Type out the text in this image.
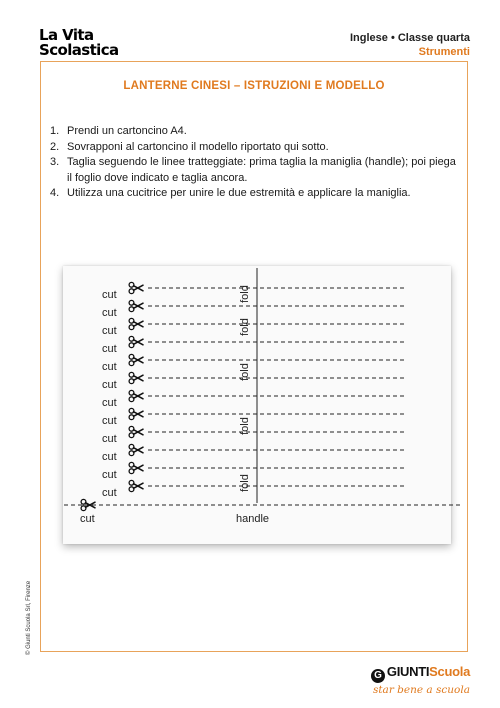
La Vita
Scolastica
Inglese • Classe quarta
Strumenti
LANTERNE CINESI – ISTRUZIONI E MODELLO
1. Prendi un cartoncino A4.
2. Sovrapponi al cartoncino il modello riportato qui sotto.
3. Taglia seguendo le linee tratteggiate: prima taglia la maniglia (handle); poi piega il foglio dove indicato e taglia ancora.
4. Utilizza una cucitrice per unire le due estremità e applicare la maniglia.
cut	handle
cut
cut
cut
cut
cut
cut
cut
cut
cut
cut
cut
cut
fold
fold
fold
fold
fold
© Giunti Scuola Srl, Firenze
G GIUNTIScuola
star bene a scuola
